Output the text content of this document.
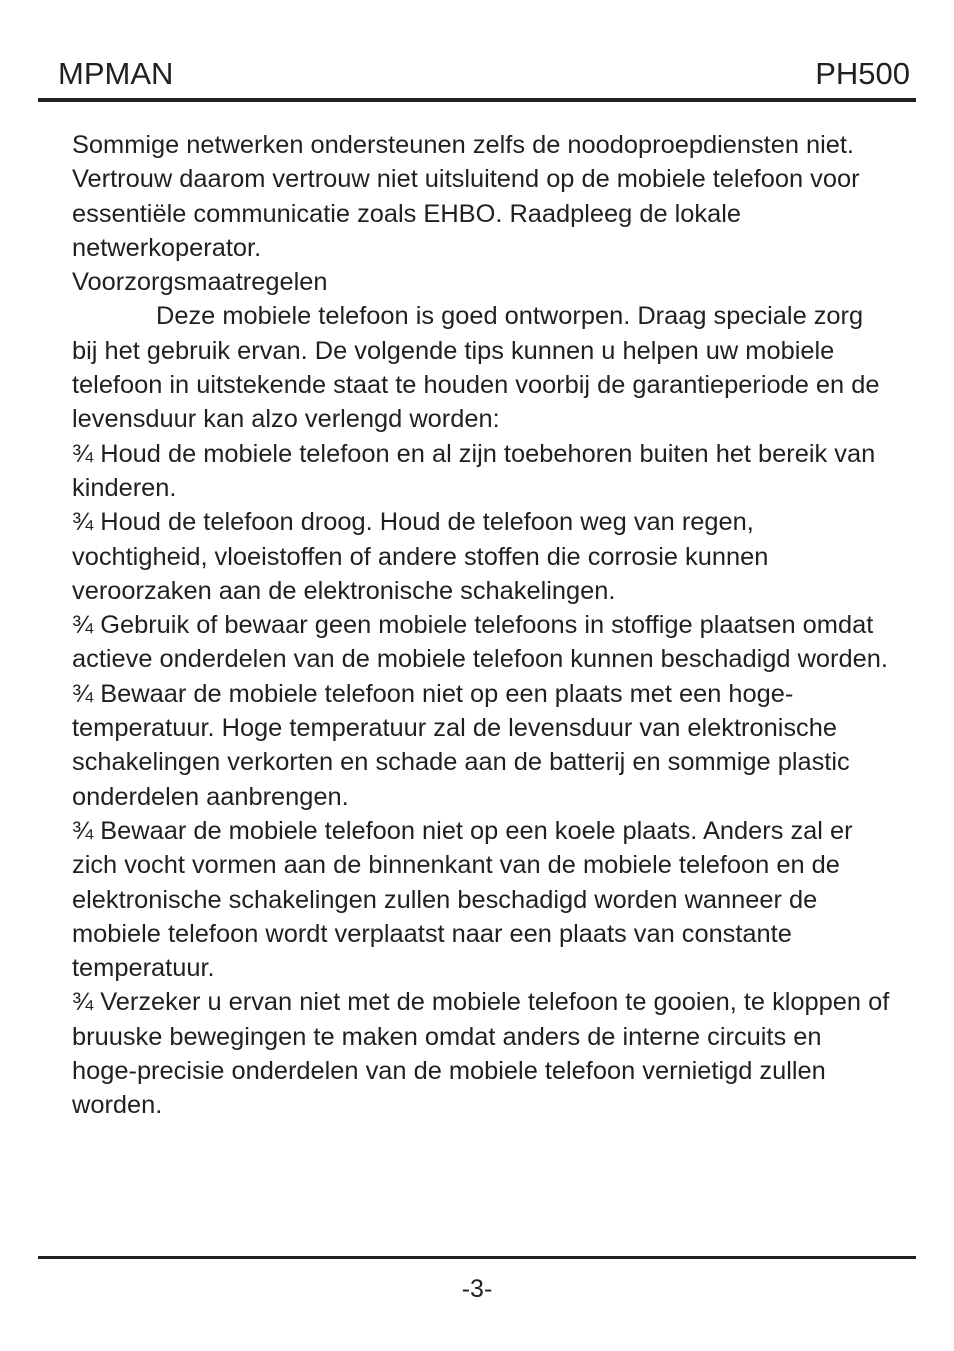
MPMAN	PH500

Sommige netwerken ondersteunen zelfs de noodoproepdiensten niet. Vertrouw daarom vertrouw niet uitsluitend op de mobiele telefoon voor essentiële communicatie zoals EHBO. Raadpleeg de lokale netwerkoperator.

Voorzorgsmaatregelen

Deze mobiele telefoon is goed ontworpen. Draag speciale zorg bij het gebruik ervan. De volgende tips kunnen u helpen uw mobiele telefoon in uitstekende staat te houden voorbij de garantieperiode en de levensduur kan alzo verlengd worden:

¾ Houd de mobiele telefoon en al zijn toebehoren buiten het bereik van kinderen.

¾ Houd de telefoon droog. Houd de telefoon weg van regen, vochtigheid, vloeistoffen of andere stoffen die corrosie kunnen veroorzaken aan de elektronische schakelingen.

¾ Gebruik of bewaar geen mobiele telefoons in stoffige plaatsen omdat actieve onderdelen van de mobiele telefoon kunnen beschadigd worden.

¾ Bewaar de mobiele telefoon niet op een plaats met een hoge-temperatuur. Hoge temperatuur zal de levensduur van elektronische schakelingen verkorten en schade aan de batterij en sommige plastic onderdelen aanbrengen.

¾ Bewaar de mobiele telefoon niet op een koele plaats. Anders zal er zich vocht vormen aan de binnenkant van de mobiele telefoon en de elektronische schakelingen zullen beschadigd worden wanneer de mobiele telefoon wordt verplaatst naar een plaats van constante temperatuur.

¾ Verzeker u ervan niet met de mobiele telefoon te gooien, te kloppen of bruuske bewegingen te maken omdat anders de interne circuits en hoge-precisie onderdelen van de mobiele telefoon vernietigd zullen worden.

-3-
